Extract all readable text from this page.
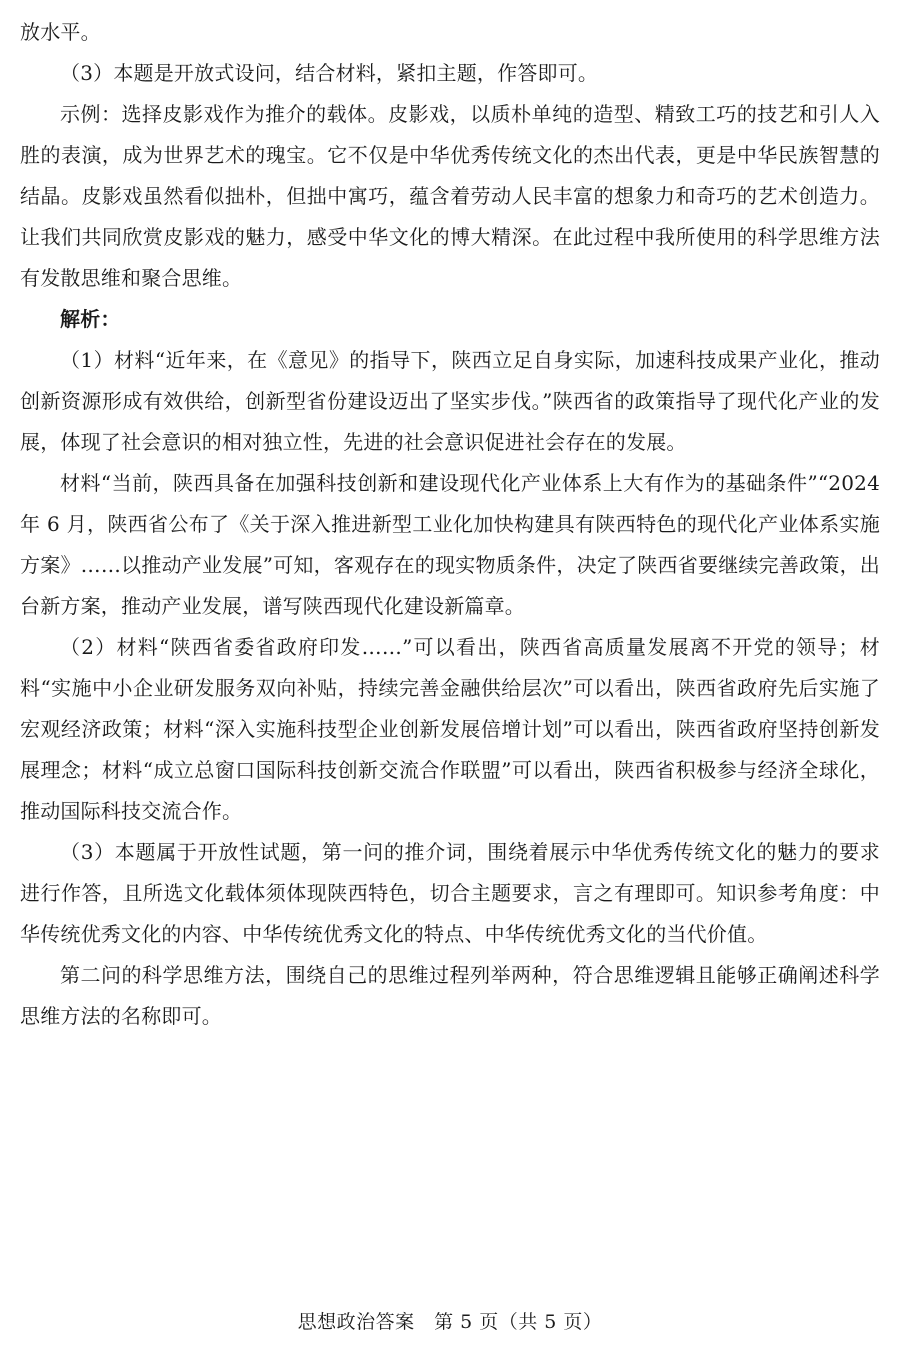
放水平。

（3）本题是开放式设问，结合材料，紧扣主题，作答即可。

示例：选择皮影戏作为推介的载体。皮影戏，以质朴单纯的造型、精致工巧的技艺和引人入胜的表演，成为世界艺术的瑰宝。它不仅是中华优秀传统文化的杰出代表，更是中华民族智慧的结晶。皮影戏虽然看似拙朴，但拙中寓巧，蕴含着劳动人民丰富的想象力和奇巧的艺术创造力。让我们共同欣赏皮影戏的魅力，感受中华文化的博大精深。在此过程中我所使用的科学思维方法有发散思维和聚合思维。

解析：

（1）材料“近年来，在《意见》的指导下，陕西立足自身实际，加速科技成果产业化，推动创新资源形成有效供给，创新型省份建设迈出了坚实步伐。”陕西省的政策指导了现代化产业的发展，体现了社会意识的相对独立性，先进的社会意识促进社会存在的发展。

材料“当前，陕西具备在加强科技创新和建设现代化产业体系上大有作为的基础条件”“2024 年 6 月，陕西省公布了《关于深入推进新型工业化加快构建具有陕西特色的现代化产业体系实施方案》……以推动产业发展”可知，客观存在的现实物质条件，决定了陕西省要继续完善政策，出台新方案，推动产业发展，谱写陕西现代化建设新篇章。

（2）材料“陕西省委省政府印发……”可以看出，陕西省高质量发展离不开党的领导；材料“实施中小企业研发服务双向补贴，持续完善金融供给层次”可以看出，陕西省政府先后实施了宏观经济政策；材料“深入实施科技型企业创新发展倍增计划”可以看出，陕西省政府坚持创新发展理念；材料“成立总窗口国际科技创新交流合作联盟”可以看出，陕西省积极参与经济全球化，推动国际科技交流合作。

（3）本题属于开放性试题，第一问的推介词，围绕着展示中华优秀传统文化的魅力的要求进行作答，且所选文化载体须体现陕西特色，切合主题要求，言之有理即可。知识参考角度：中华传统优秀文化的内容、中华传统优秀文化的特点、中华传统优秀文化的当代价值。

第二问的科学思维方法，围绕自己的思维过程列举两种，符合思维逻辑且能够正确阐述科学思维方法的名称即可。

思想政治答案　第 5 页（共 5 页）
